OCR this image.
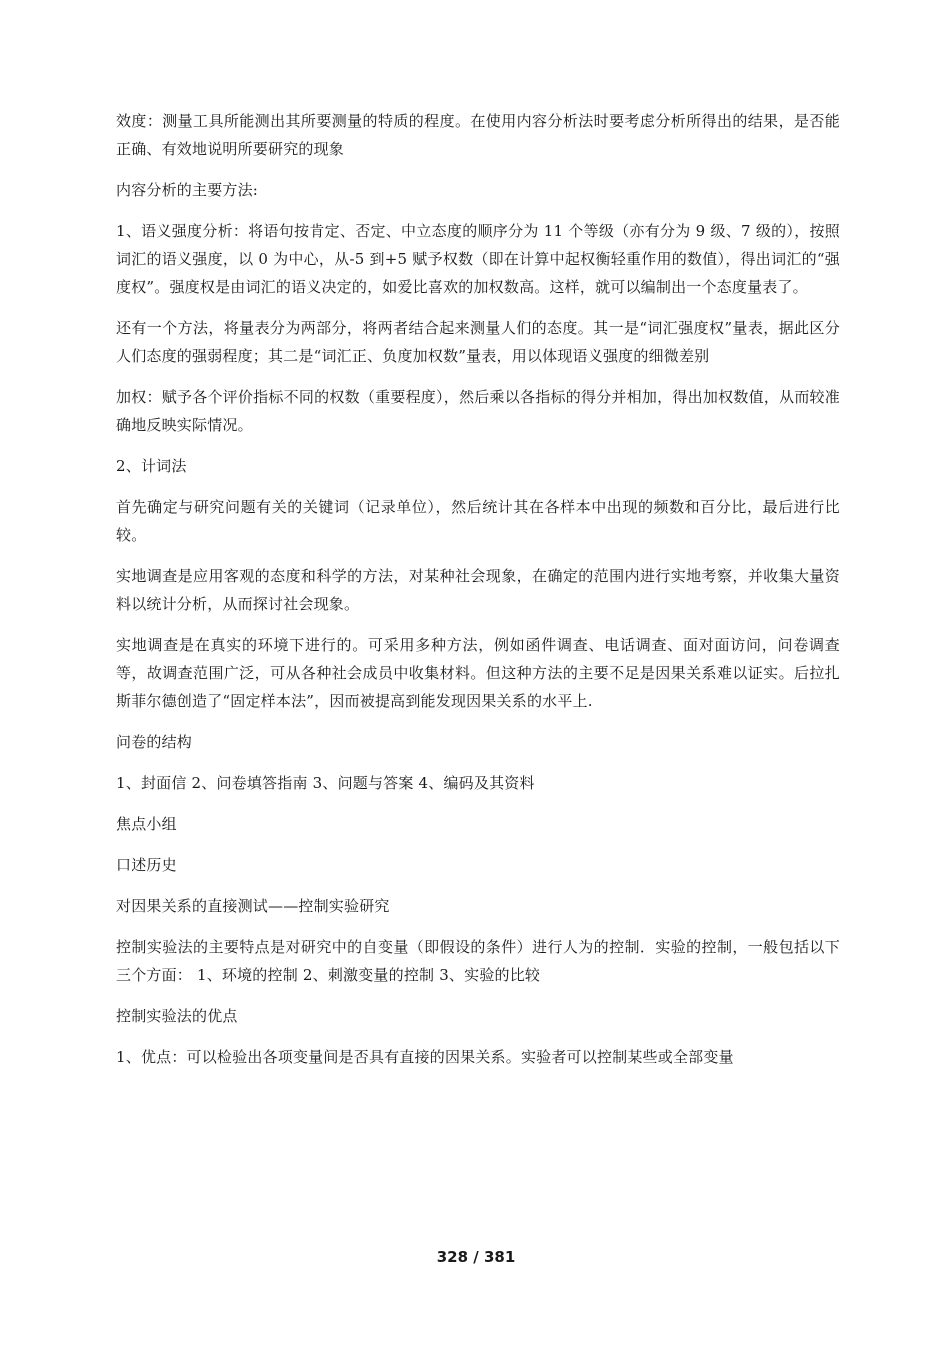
效度：测量工具所能测出其所要测量的特质的程度。在使用内容分析法时要考虑分析所得出的结果，是否能正确、有效地说明所要研究的现象

内容分析的主要方法:

1、语义强度分析：将语句按肯定、否定、中立态度的顺序分为 11 个等级（亦有分为 9 级、7 级的），按照词汇的语义强度，以 0 为中心，从-5 到+5 赋予权数（即在计算中起权衡轻重作用的数值），得出词汇的“强度权”。强度权是由词汇的语义决定的，如爱比喜欢的加权数高。这样，就可以编制出一个态度量表了。

还有一个方法，将量表分为两部分，将两者结合起来测量人们的态度。其一是“词汇强度权”量表，据此区分人们态度的强弱程度；其二是“词汇正、负度加权数”量表，用以体现语义强度的细微差别

加权：赋予各个评价指标不同的权数（重要程度），然后乘以各指标的得分并相加，得出加权数值，从而较准确地反映实际情况。

2、计词法

首先确定与研究问题有关的关键词（记录单位），然后统计其在各样本中出现的频数和百分比，最后进行比较。

实地调查是应用客观的态度和科学的方法，对某种社会现象，在确定的范围内进行实地考察，并收集大量资料以统计分析，从而探讨社会现象。

实地调查是在真实的环境下进行的。可采用多种方法，例如函件调查、电话调查、面对面访问，问卷调查等，故调查范围广泛，可从各种社会成员中收集材料。但这种方法的主要不足是因果关系难以证实。后拉扎斯菲尔德创造了“固定样本法”，因而被提高到能发现因果关系的水平上.

问卷的结构

1、封面信 2、问卷填答指南 3、问题与答案 4、编码及其资料

焦点小组

口述历史

对因果关系的直接测试——控制实验研究

控制实验法的主要特点是对研究中的自变量（即假设的条件）进行人为的控制．实验的控制，一般包括以下三个方面： 1、环境的控制 2、刺激变量的控制 3、实验的比较

控制实验法的优点

1、优点：可以检验出各项变量间是否具有直接的因果关系。实验者可以控制某些或全部变量

328 / 381
